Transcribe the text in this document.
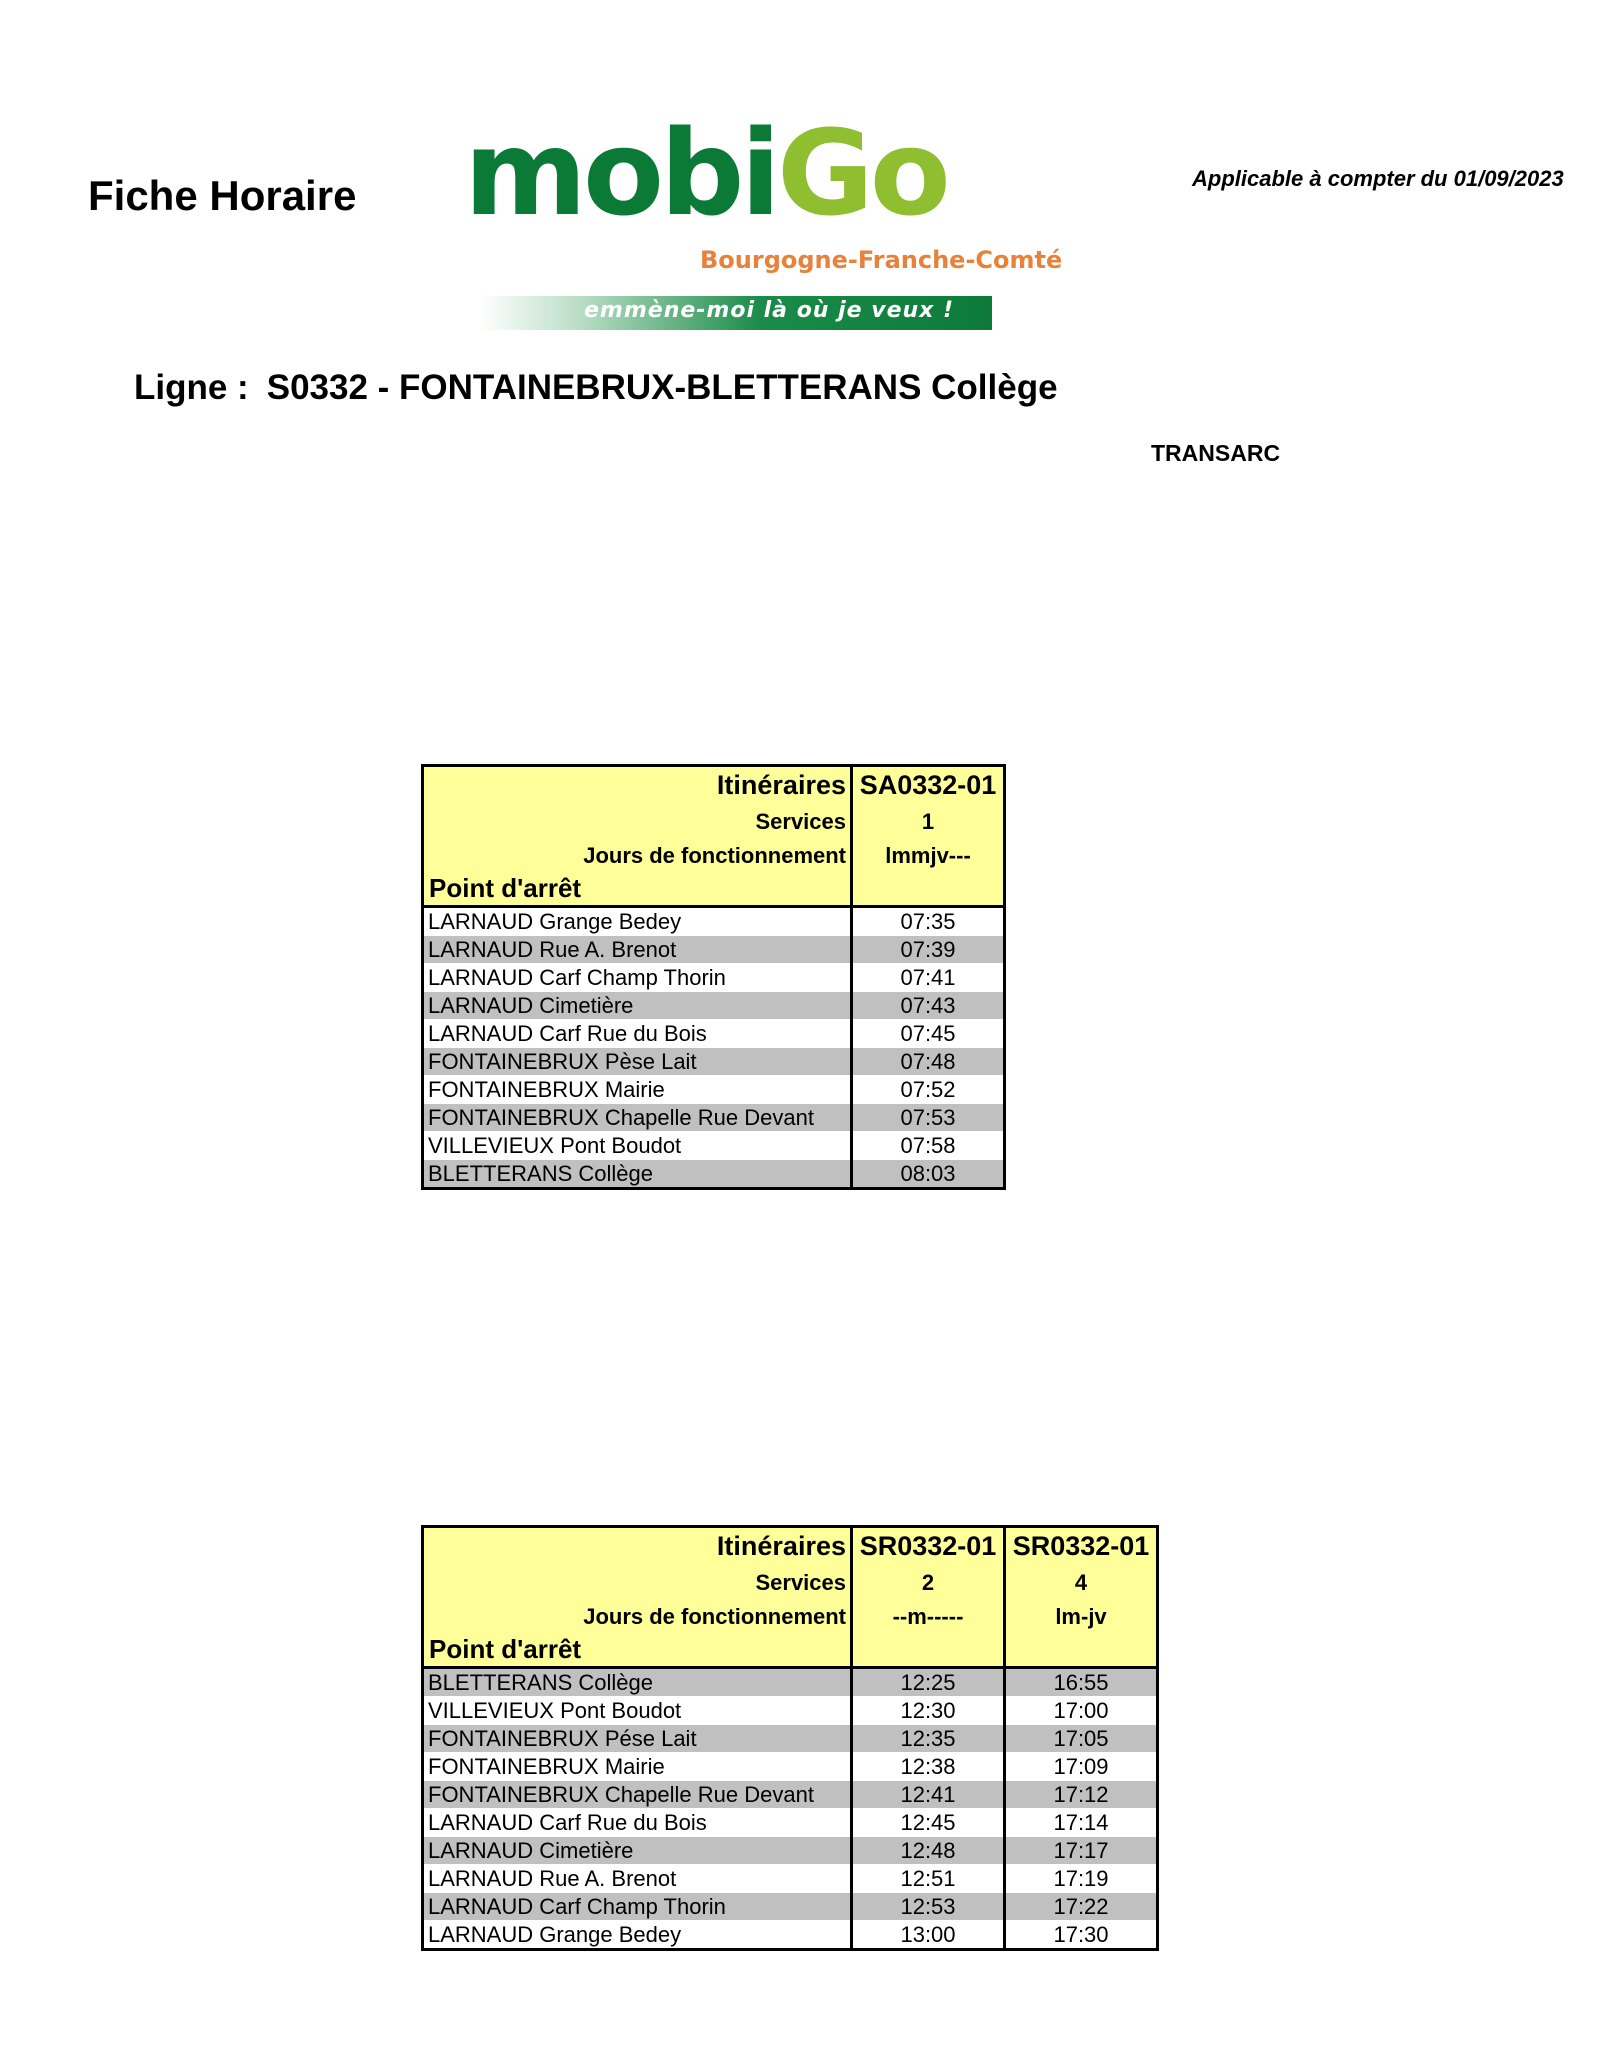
Fiche Horaire mobiGo
Bourgogne-Franche-Comté
emmène-moi là où je veux !
Applicable à compter du 01/09/2023
Ligne : S0332 - FONTAINEBRUX-BLETTERANS Collège
TRANSARC
Itinéraires	SA0332-01
Services	1
Jours de fonctionnement	lmmjv---
Point d'arrêt	
LARNAUD Grange Bedey	07:35
LARNAUD Rue A. Brenot	07:39
LARNAUD Carf Champ Thorin	07:41
LARNAUD Cimetière	07:43
LARNAUD Carf Rue du Bois	07:45
FONTAINEBRUX Pèse Lait	07:48
FONTAINEBRUX Mairie	07:52
FONTAINEBRUX Chapelle Rue Devant	07:53
VILLEVIEUX Pont Boudot	07:58
BLETTERANS Collège	08:03
Itinéraires	SR0332-01	SR0332-01
Services	2	4
Jours de fonctionnement	--m-----	lm-jv
Point d'arrêt		
BLETTERANS Collège	12:25	16:55
VILLEVIEUX Pont Boudot	12:30	17:00
FONTAINEBRUX Pése Lait	12:35	17:05
FONTAINEBRUX Mairie	12:38	17:09
FONTAINEBRUX Chapelle Rue Devant	12:41	17:12
LARNAUD Carf Rue du Bois	12:45	17:14
LARNAUD Cimetière	12:48	17:17
LARNAUD Rue A. Brenot	12:51	17:19
LARNAUD Carf Champ Thorin	12:53	17:22
LARNAUD Grange Bedey	13:00	17:30
